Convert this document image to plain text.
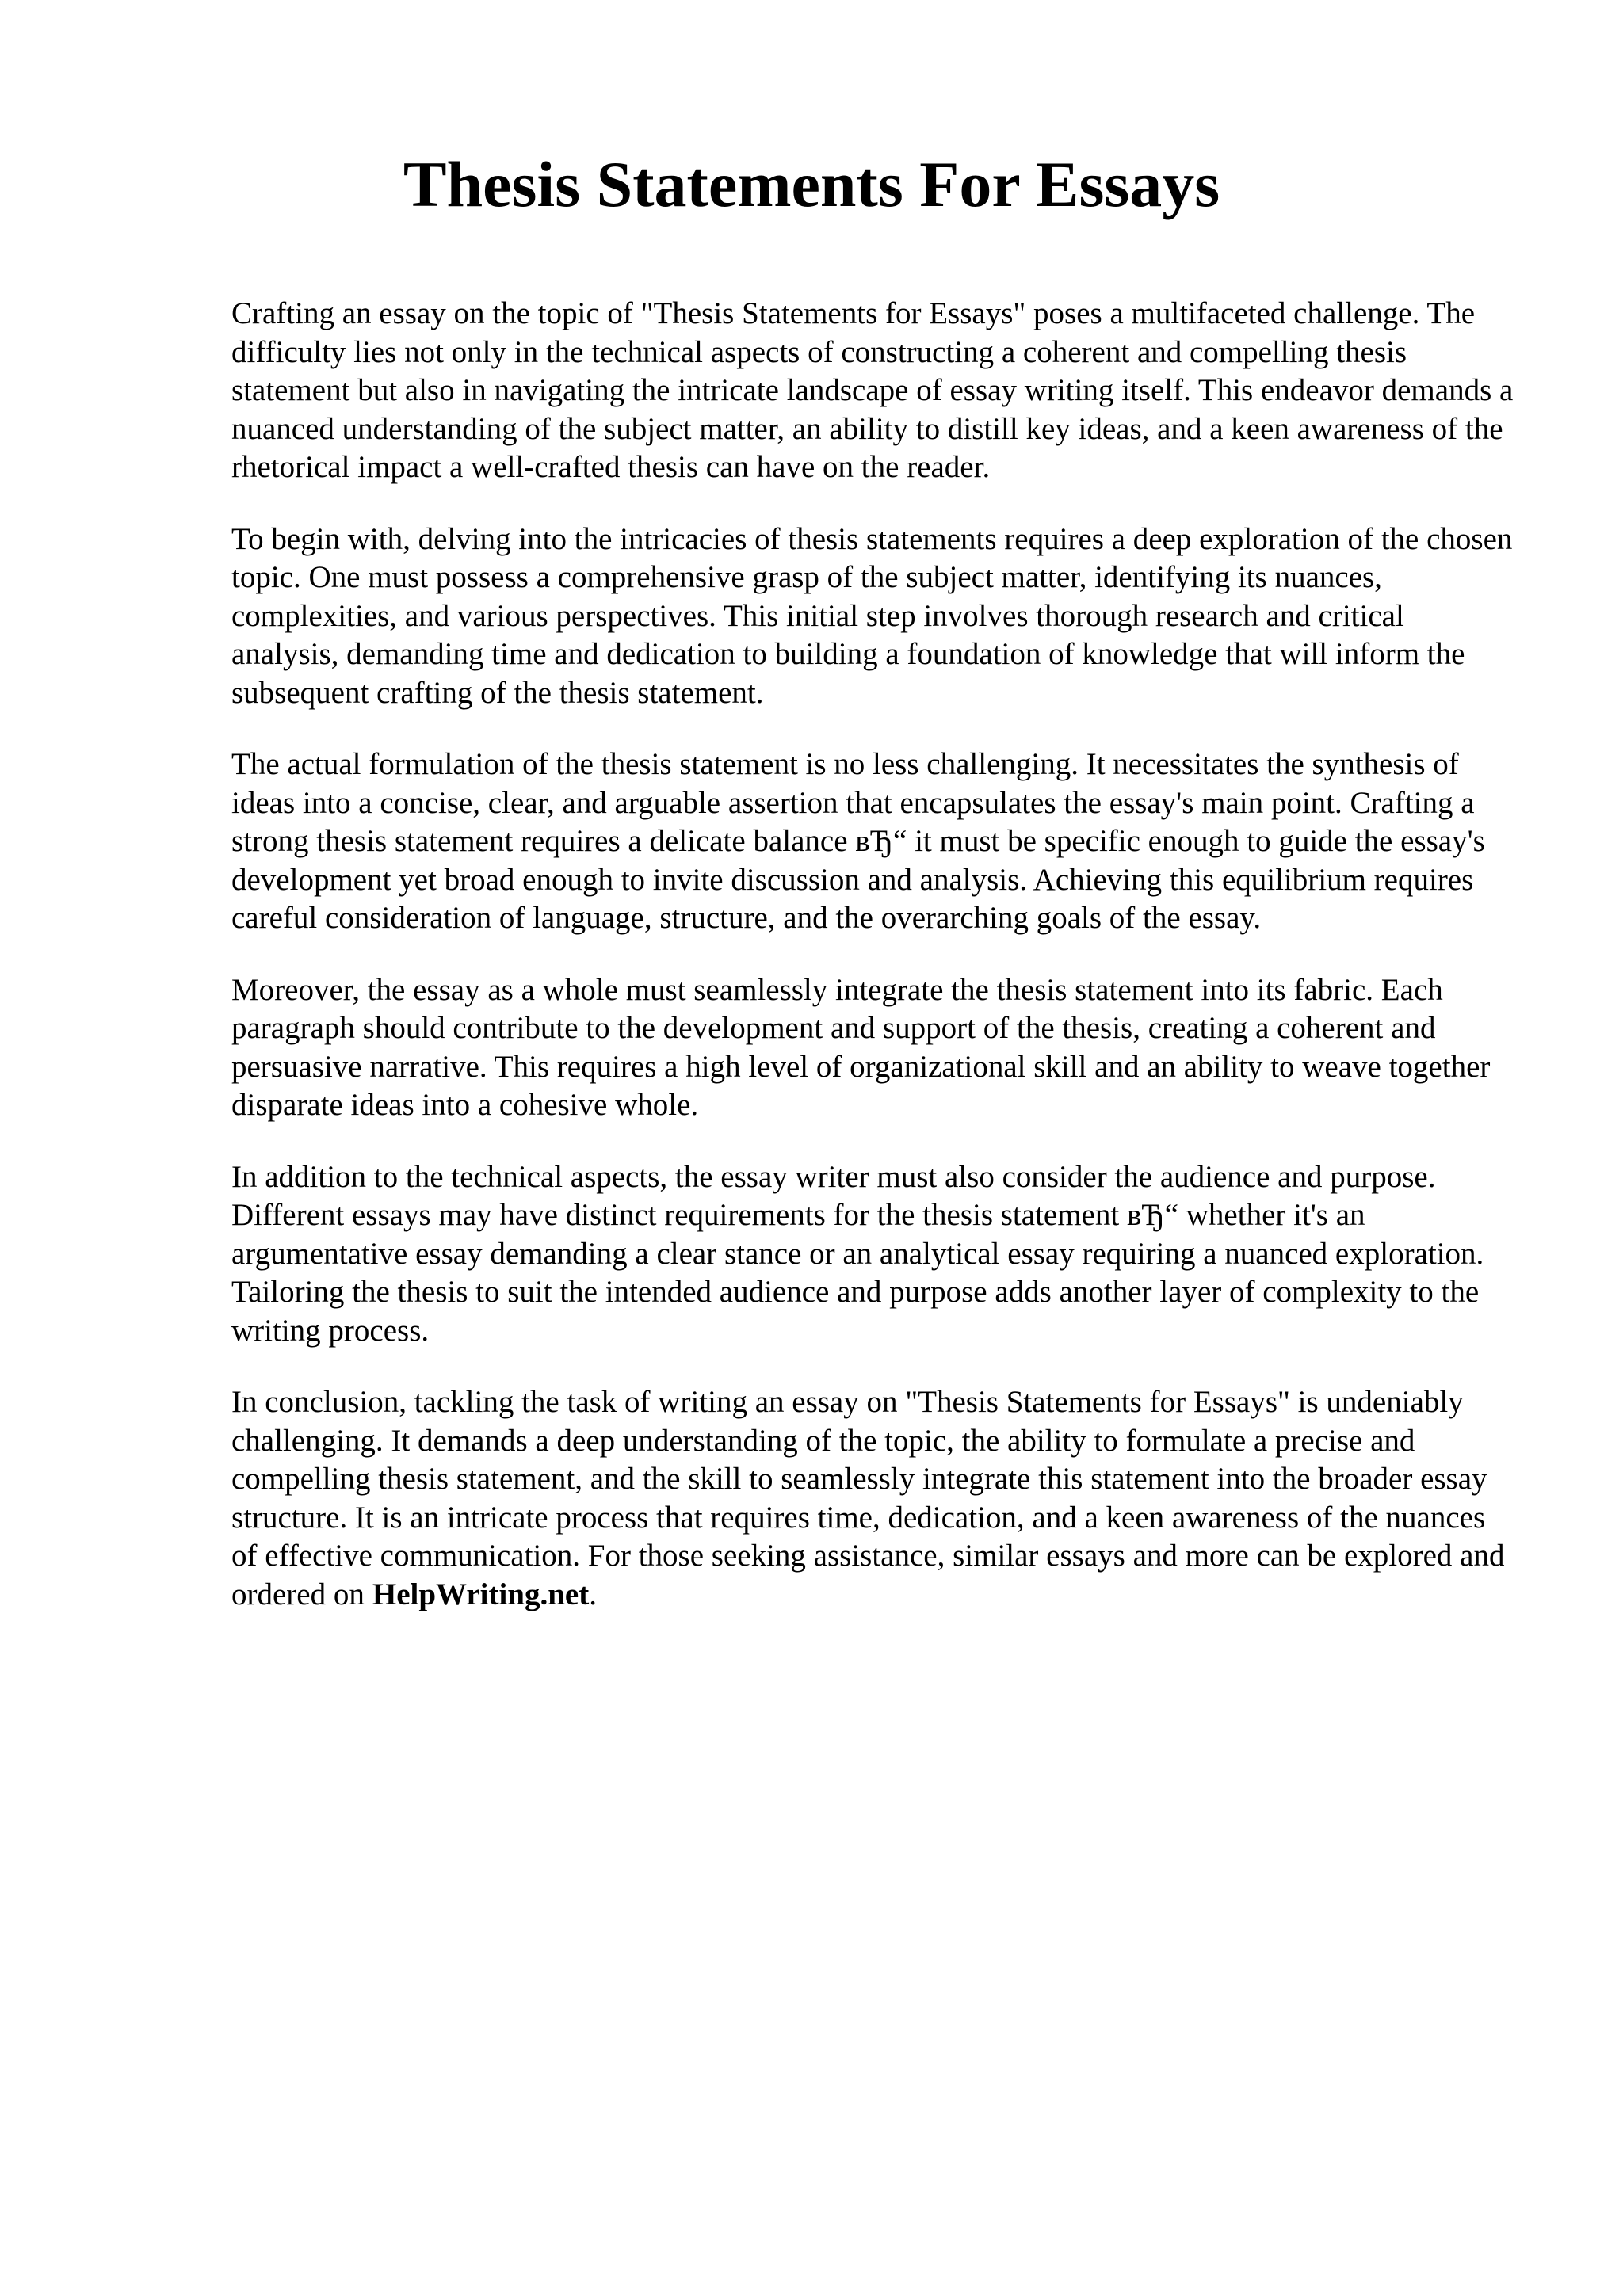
Thesis Statements For Essays

Crafting an essay on the topic of "Thesis Statements for Essays" poses a multifaceted challenge. The difficulty lies not only in the technical aspects of constructing a coherent and compelling thesis statement but also in navigating the intricate landscape of essay writing itself. This endeavor demands a nuanced understanding of the subject matter, an ability to distill key ideas, and a keen awareness of the rhetorical impact a well-crafted thesis can have on the reader.

To begin with, delving into the intricacies of thesis statements requires a deep exploration of the chosen topic. One must possess a comprehensive grasp of the subject matter, identifying its nuances, complexities, and various perspectives. This initial step involves thorough research and critical analysis, demanding time and dedication to building a foundation of knowledge that will inform the subsequent crafting of the thesis statement.

The actual formulation of the thesis statement is no less challenging. It necessitates the synthesis of ideas into a concise, clear, and arguable assertion that encapsulates the essay's main point. Crafting a strong thesis statement requires a delicate balance вЂ“ it must be specific enough to guide the essay's development yet broad enough to invite discussion and analysis. Achieving this equilibrium requires careful consideration of language, structure, and the overarching goals of the essay.

Moreover, the essay as a whole must seamlessly integrate the thesis statement into its fabric. Each paragraph should contribute to the development and support of the thesis, creating a coherent and persuasive narrative. This requires a high level of organizational skill and an ability to weave together disparate ideas into a cohesive whole.

In addition to the technical aspects, the essay writer must also consider the audience and purpose. Different essays may have distinct requirements for the thesis statement вЂ“ whether it's an argumentative essay demanding a clear stance or an analytical essay requiring a nuanced exploration. Tailoring the thesis to suit the intended audience and purpose adds another layer of complexity to the writing process.

In conclusion, tackling the task of writing an essay on "Thesis Statements for Essays" is undeniably challenging. It demands a deep understanding of the topic, the ability to formulate a precise and compelling thesis statement, and the skill to seamlessly integrate this statement into the broader essay structure. It is an intricate process that requires time, dedication, and a keen awareness of the nuances of effective communication. For those seeking assistance, similar essays and more can be explored and ordered on HelpWriting.net.
